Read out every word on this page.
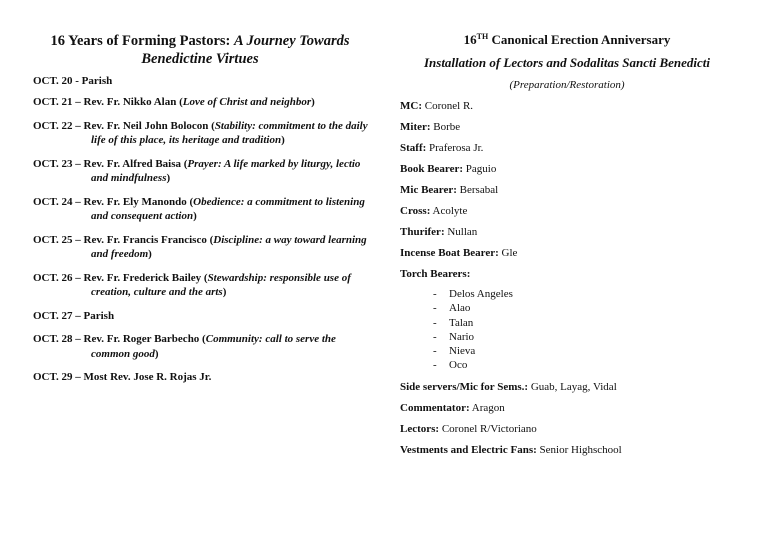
16 Years of Forming Pastors: A Journey Towards Benedictine Virtues
OCT. 20 - Parish
OCT. 21 – Rev. Fr. Nikko Alan (Love of Christ and neighbor)
OCT. 22 – Rev. Fr. Neil John Bolocon (Stability: commitment to the daily life of this place, its heritage and tradition)
OCT. 23 – Rev. Fr. Alfred Baisa (Prayer: A life marked by liturgy, lectio and mindfulness)
OCT. 24 – Rev. Fr. Ely Manondo (Obedience: a commitment to listening and consequent action)
OCT. 25 – Rev. Fr. Francis Francisco (Discipline: a way toward learning and freedom)
OCT. 26 – Rev. Fr. Frederick Bailey (Stewardship: responsible use of creation, culture and the arts)
OCT. 27 – Parish
OCT. 28 – Rev. Fr. Roger Barbecho (Community: call to serve the common good)
OCT. 29 – Most Rev. Jose R. Rojas Jr.
16TH Canonical Erection Anniversary
Installation of Lectors and Sodalitas Sancti Benedicti
(Preparation/Restoration)
MC: Coronel R.
Miter: Borbe
Staff: Praferosa Jr.
Book Bearer: Paguio
Mic Bearer: Bersabal
Cross: Acolyte
Thurifer: Nullan
Incense Boat Bearer: Gle
Torch Bearers:
- Delos Angeles
- Alao
- Talan
- Nario
- Nieva
- Oco
Side servers/Mic for Sems.: Guab, Layag, Vidal
Commentator: Aragon
Lectors: Coronel R/Victoriano
Vestments and Electric Fans: Senior Highschool
